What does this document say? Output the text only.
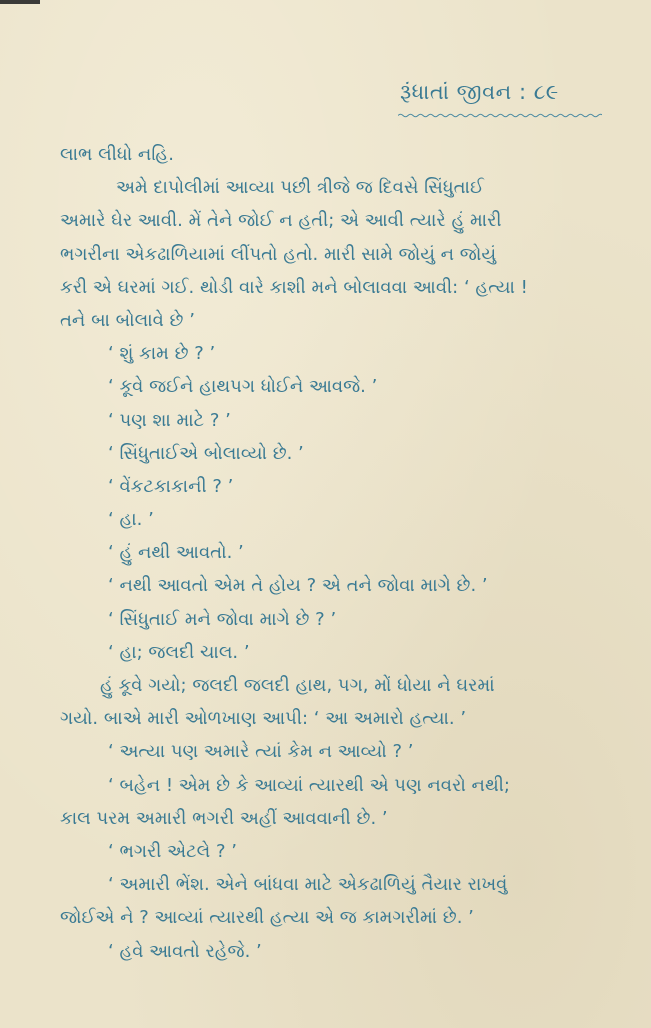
રૂંધાતાં જીવન : ૮૯
લાભ લીધો નહિ.
અમે દાપોલીમાં આવ્યા પછી ત્રીજે જ દિવસે સિંધુતાઈ
અમારે ઘેર આવી. મેં તેને જોઈ ન હતી; એ આવી ત્યારે હું મારી
ભગરીના એકઢાળિયામાં લીંપતો હતો. મારી સામે જોયું ન જોયું
કરી એ ઘરમાં ગઈ. થોડી વારે કાશી મને બોલાવવા આવી: ‘ હત્યા !
તને બા બોલાવે છે ’
‘ શું કામ છે ? ’
‘ કૂવે જઈને હાથપગ ધોઈને આવજે. ’
‘ પણ શા માટે ? ’
‘ સિંધુતાઈએ બોલાવ્યો છે. ’
‘ વેંકટકાકાની ? ’
‘ હા. ’
‘ હું નથી આવતો. ’
‘ નથી આવતો એમ તે હોય ? એ તને જોવા માગે છે. ’
‘ સિંધુતાઈ મને જોવા માગે છે ? ’
‘ હા; જલદી ચાલ. ’
હું કૂવે ગયો; જલદી જલદી હાથ, પગ, મોં ધોયા ને ઘરમાં
ગયો. બાએ મારી ઓળખાણ આપી: ‘ આ અમારો હત્યા. ’
‘ અત્યા પણ અમારે ત્યાં કેમ ન આવ્યો ? ’
‘ બહેન ! એમ છે કે આવ્યાં ત્યારથી એ પણ નવરો નથી;
કાલ પરમ અમારી ભગરી અહીં આવવાની છે. ’
‘ ભગરી એટલે ? ’
‘ અમારી ભેંશ. એને બાંધવા માટે એકઢાળિયું તૈયાર રાખવું
જોઈએ ને ? આવ્યાં ત્યારથી હત્યા એ જ કામગરીમાં છે. ’
‘ હવે આવતો રહેજે. ’
